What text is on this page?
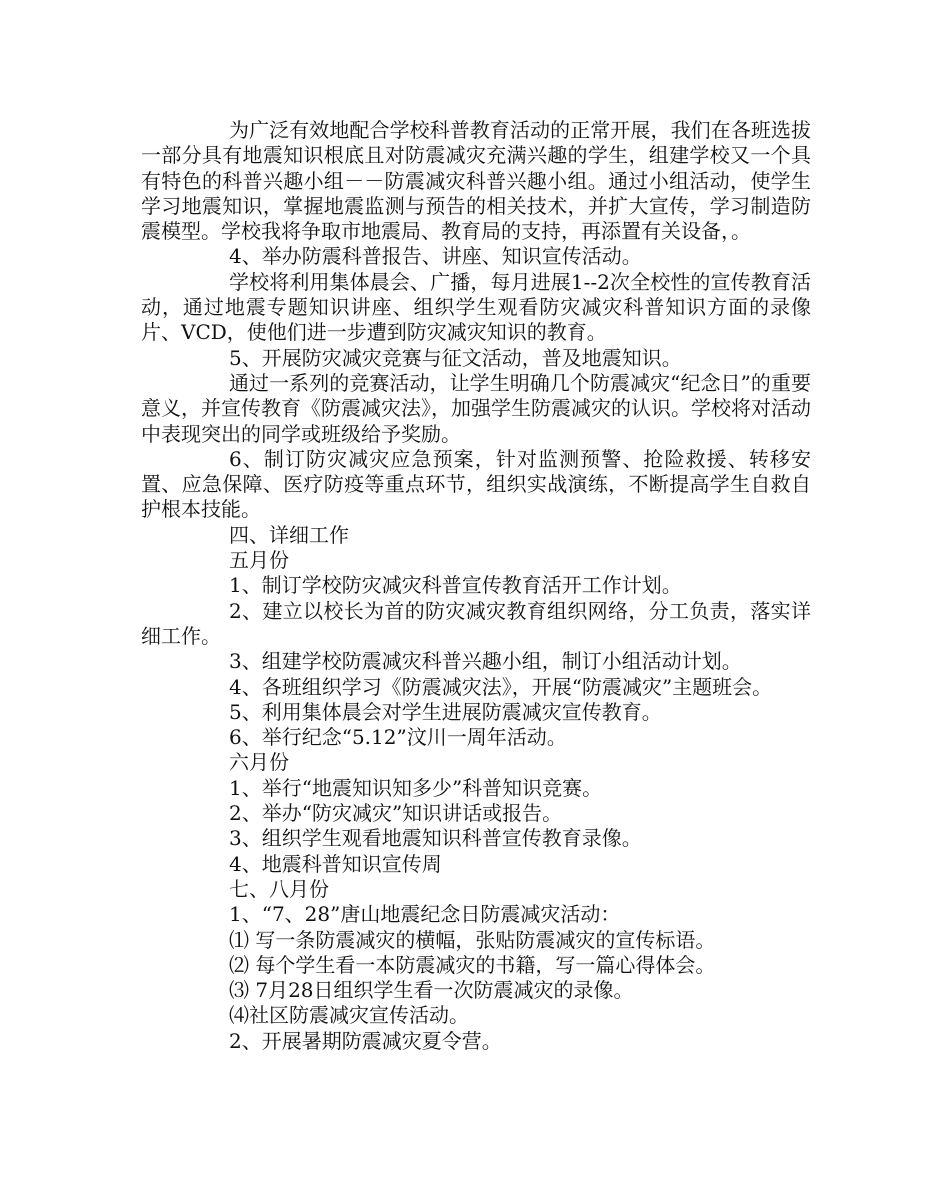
为广泛有效地配合学校科普教育活动的正常开展，我们在各班选拔一部分具有地震知识根底且对防震减灾充满兴趣的学生，组建学校又一个具有特色的科普兴趣小组－－防震减灾科普兴趣小组。通过小组活动，使学生学习地震知识，掌握地震监测与预告的相关技术，并扩大宣传，学习制造防震模型。学校我将争取市地震局、教育局的支持，再添置有关设备，。

4、举办防震科普报告、讲座、知识宣传活动。

学校将利用集体晨会、广播，每月进展1--2次全校性的宣传教育活动，通过地震专题知识讲座、组织学生观看防灾减灾科普知识方面的录像片、VCD，使他们进一步遭到防灾减灾知识的教育。

5、开展防灾减灾竞赛与征文活动，普及地震知识。

通过一系列的竞赛活动，让学生明确几个防震减灾“纪念日”的重要意义，并宣传教育《防震减灾法》，加强学生防震减灾的认识。学校将对活动中表现突出的同学或班级给予奖励。

6、制订防灾减灾应急预案，针对监测预警、抢险救援、转移安置、应急保障、医疗防疫等重点环节，组织实战演练，不断提高学生自救自护根本技能。

四、详细工作

五月份

1、制订学校防灾减灾科普宣传教育活开工作计划。

2、建立以校长为首的防灾减灾教育组织网络，分工负责，落实详细工作。

3、组建学校防震减灾科普兴趣小组，制订小组活动计划。

4、各班组织学习《防震减灾法》，开展“防震减灾”主题班会。

5、利用集体晨会对学生进展防震减灾宣传教育。

6、举行纪念“5.12”汶川一周年活动。

六月份

1、举行“地震知识知多少”科普知识竞赛。

2、举办“防灾减灾”知识讲话或报告。

3、组织学生观看地震知识科普宣传教育录像。

4、地震科普知识宣传周

七、八月份

1、“7、28”唐山地震纪念日防震减灾活动：

⑴ 写一条防震减灾的横幅，张贴防震减灾的宣传标语。

⑵ 每个学生看一本防震减灾的书籍，写一篇心得体会。

⑶ 7月28日组织学生看一次防震减灾的录像。

⑷社区防震减灾宣传活动。

2、开展暑期防震减灾夏令营。
